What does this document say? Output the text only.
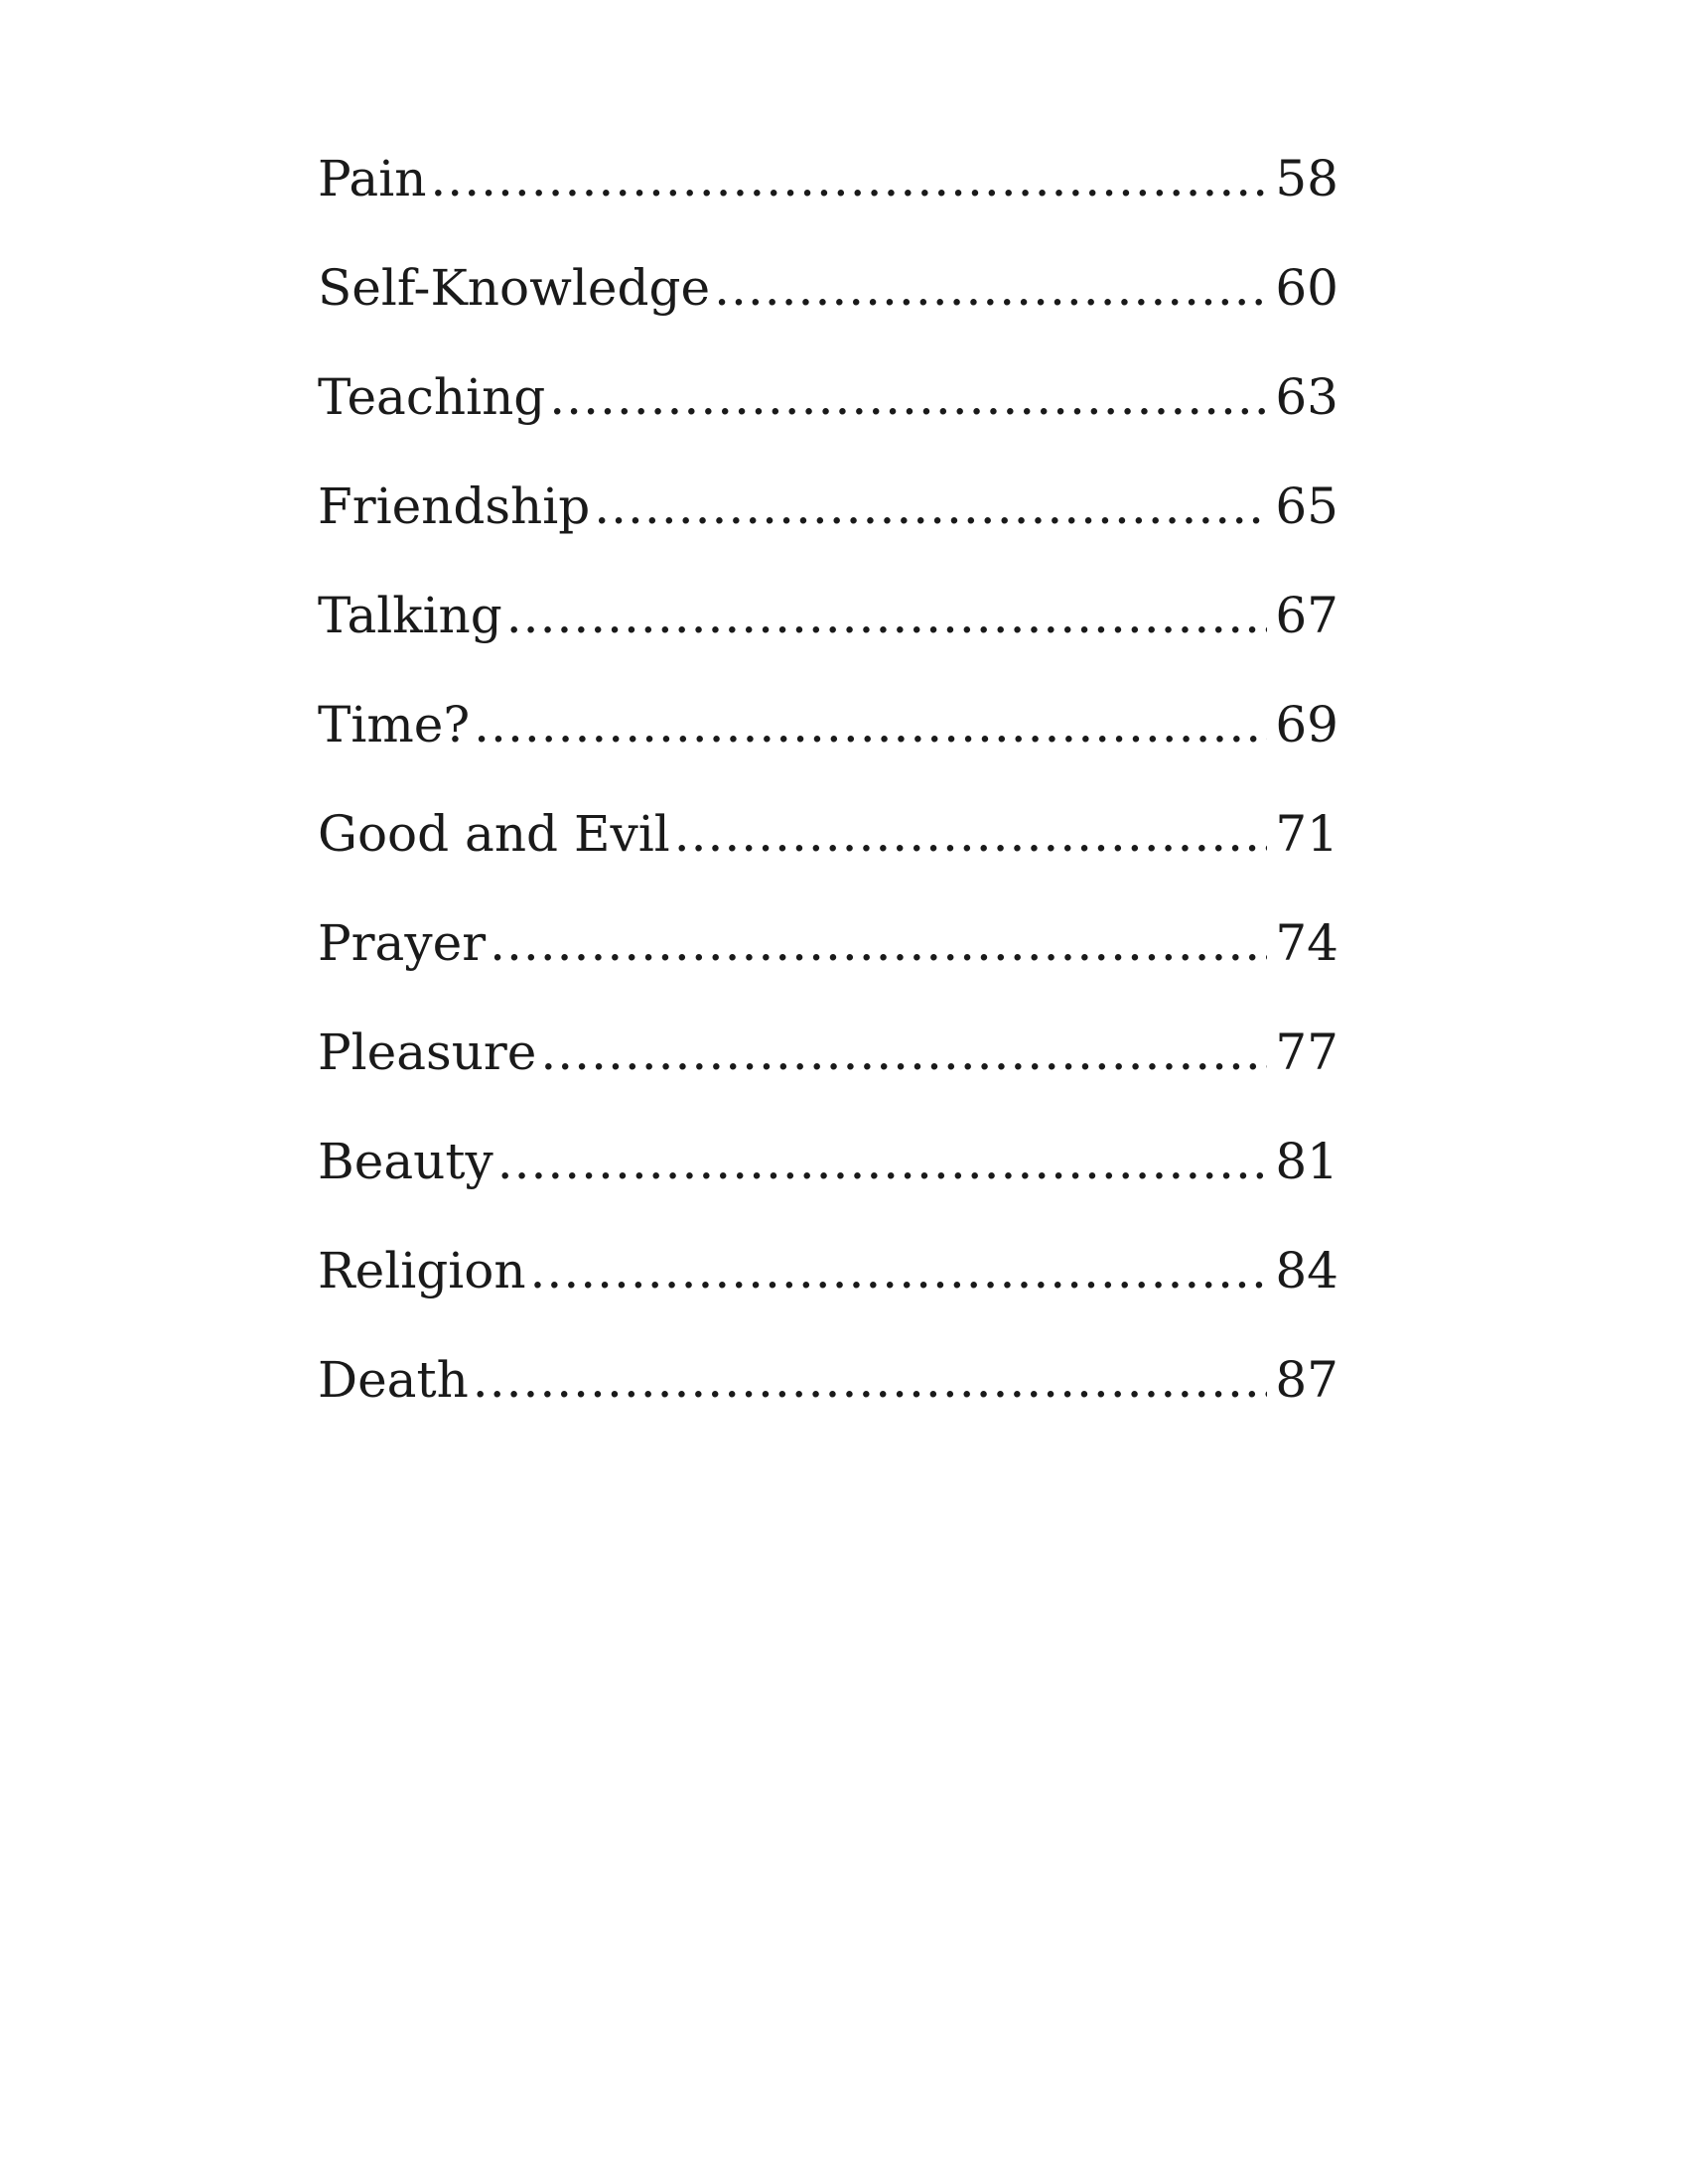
Pain .....	58
Self-Knowledge .....	60
Teaching .....	63
Friendship .....	65
Talking .....	67
Time? .....	69
Good and Evil .....	71
Prayer .....	74
Pleasure .....	77
Beauty .....	81
Religion .....	84
Death .....	87
